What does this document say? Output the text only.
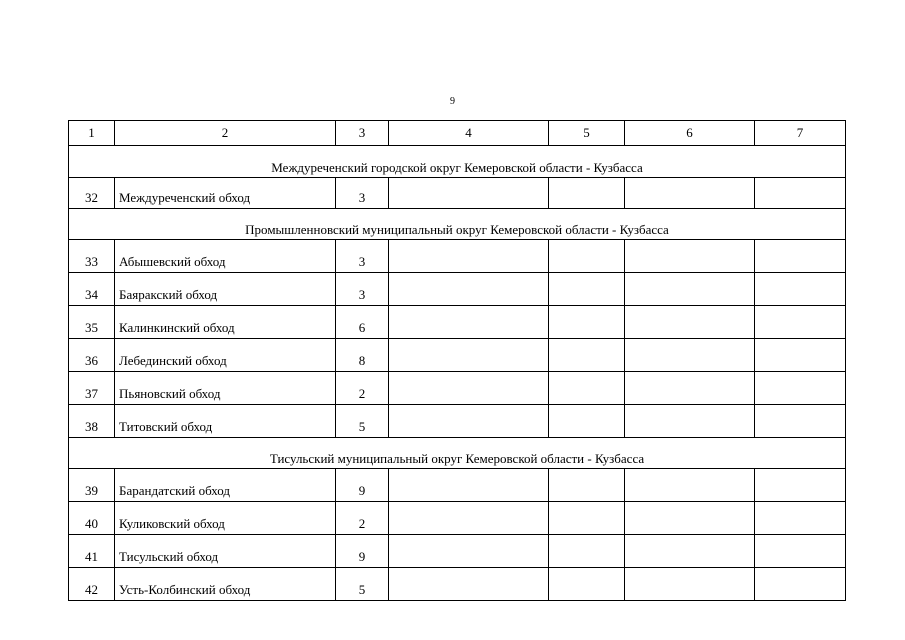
9
1	2	3	4	5	6	7
Междуреченский городской округ Кемеровской области - Кузбасса						
32	Междуреченский обход	3				
Промышленновский муниципальный округ Кемеровской области - Кузбасса						
33	Абышевский обход	3				
34	Баяракский обход	3				
35	Калинкинский обход	6				
36	Лебединский обход	8				
37	Пьяновский обход	2				
38	Титовский обход	5				
Тисульский муниципальный округ Кемеровской области - Кузбасса						
39	Барандатский обход	9				
40	Куликовский обход	2				
41	Тисульский обход	9				
42	Усть-Колбинский обход	5				
